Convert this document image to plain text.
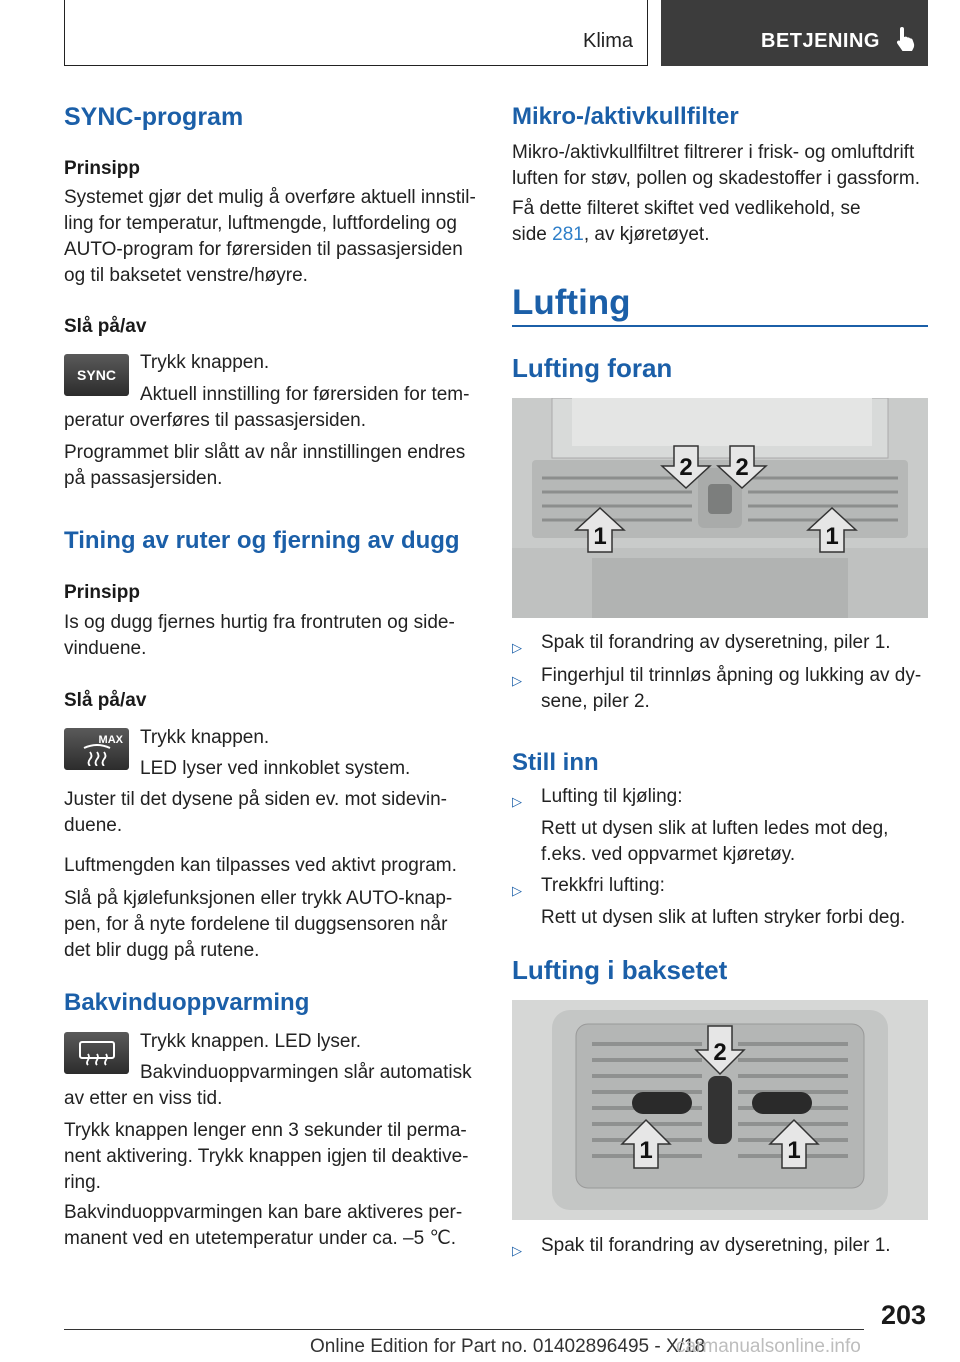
Klima	BETJENING
SYNC-program
Prinsipp
Systemet gjør det mulig å overføre aktuell innstil-
ling for temperatur, luftmengde, luftfordeling og
AUTO-program for førersiden til passasjersiden
og til baksetet venstre/høyre.
Slå på/av
SYNC
Trykk knappen.
Aktuell innstilling for førersiden for tem-
peratur overføres til passasjersiden.
Programmet blir slått av når innstillingen endres
på passasjersiden.
Tining av ruter og fjerning av dugg
Prinsipp
Is og dugg fjernes hurtig fra frontruten og side-
vinduene.
Slå på/av
MAX Trykk knappen.
LED lyser ved innkoblet system.
Juster til det dysene på siden ev. mot sidevin-
duene.
Luftmengden kan tilpasses ved aktivt program.
Slå på kjølefunksjonen eller trykk AUTO-knap-
pen, for å nyte fordelene til duggsensoren når
det blir dugg på rutene.
Bakvinduoppvarming
Trykk knappen. LED lyser.
Bakvinduoppvarmingen slår automatisk
av etter en viss tid.
Trykk knappen lenger enn 3 sekunder til perma-
nent aktivering. Trykk knappen igjen til deaktive-
ring.
Bakvinduoppvarmingen kan bare aktiveres per-
manent ved en utetemperatur under ca. –5 ℃.
Mikro-/aktivkullfilter
Mikro-/aktivkullfiltret filtrerer i frisk- og omluftdrift
luften for støv, pollen og skadestoffer i gassform.
Få dette filteret skiftet ved vedlikehold, se
side 281, av kjøretøyet.
Lufting
Lufting foran
2 2
1	1
▷	Spak til forandring av dyseretning, piler 1.
▷	Fingerhjul til trinnløs åpning og lukking av dy-
sene, piler 2.
Still inn
▷	Lufting til kjøling:
Rett ut dysen slik at luften ledes mot deg,
f.eks. ved oppvarmet kjøretøy.
▷	Trekkfri lufting:
Rett ut dysen slik at luften stryker forbi deg.
Lufting i baksetet
2
1	1
▷	Spak til forandring av dyseretning, piler 1.
203
Online Edition for Part no. 01402896495 - X/18
carmanualsonline.info
